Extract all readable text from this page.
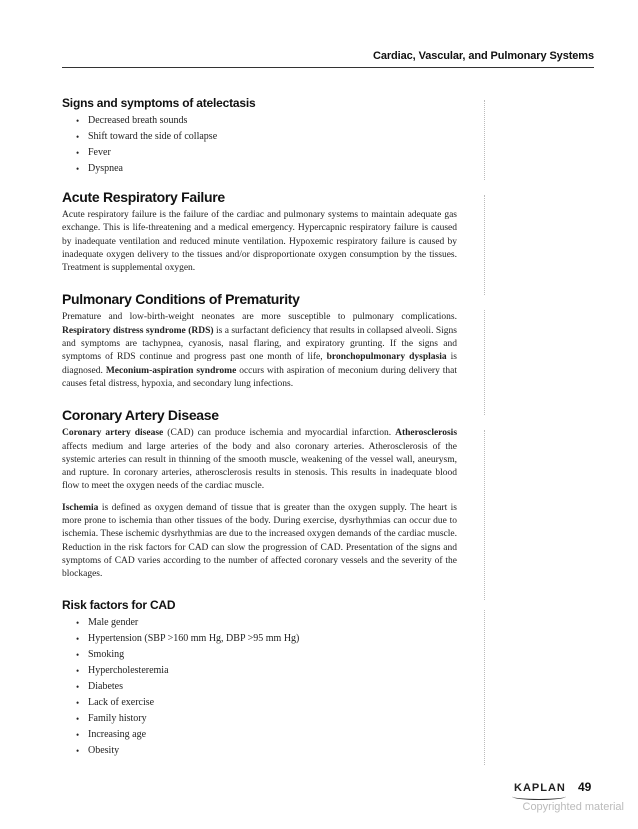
Cardiac, Vascular, and Pulmonary Systems
Signs and symptoms of atelectasis
• Decreased breath sounds
• Shift toward the side of collapse
• Fever
• Dyspnea
Acute Respiratory Failure

Acute respiratory failure is the failure of the cardiac and pulmonary systems to maintain adequate gas exchange. This is life-threatening and a medical emergency. Hypercapnic respiratory failure is caused by inadequate ventilation and reduced minute ventilation. Hypoxemic respiratory failure is caused by inadequate oxygen delivery to the tissues and/or disproportionate oxygen consumption by the tissues. Treatment is supplemental oxygen.

Pulmonary Conditions of Prematurity

Premature and low-birth-weight neonates are more susceptible to pulmonary complications. Respiratory distress syndrome (RDS) is a surfactant deficiency that results in collapsed alveoli. Signs and symptoms are tachypnea, cyanosis, nasal flaring, and expiratory grunting. If the signs and symptoms of RDS continue and progress past one month of life, bronchopulmonary dysplasia is diagnosed. Meconium-aspiration syndrome occurs with aspiration of meconium during delivery that causes fetal distress, hypoxia, and secondary lung infections.

Coronary Artery Disease

Coronary artery disease (CAD) can produce ischemia and myocardial infarction. Atherosclerosis affects medium and large arteries of the body and also coronary arteries. Atherosclerosis of the systemic arteries can result in thinning of the smooth muscle, weakening of the vessel wall, aneurysm, and rupture. In coronary arteries, atherosclerosis results in stenosis. This results in inadequate blood flow to meet the oxygen needs of the cardiac muscle.

Ischemia is defined as oxygen demand of tissue that is greater than the oxygen supply. The heart is more prone to ischemia than other tissues of the body. During exercise, dysrhythmias can occur due to ischemia. These ischemic dysrhythmias are due to the increased oxygen demands of the cardiac muscle. Reduction in the risk factors for CAD can slow the progression of CAD. Presentation of the signs and symptoms of CAD varies according to the number of affected coronary vessels and the severity of the blockages.

Risk factors for CAD
• Male gender
• Hypertension (SBP >160 mm Hg, DBP >95 mm Hg)
• Smoking
• Hypercholesteremia
• Diabetes
• Lack of exercise
• Family history
• Increasing age
• Obesity
KAPLAN 49
Copyrighted material
